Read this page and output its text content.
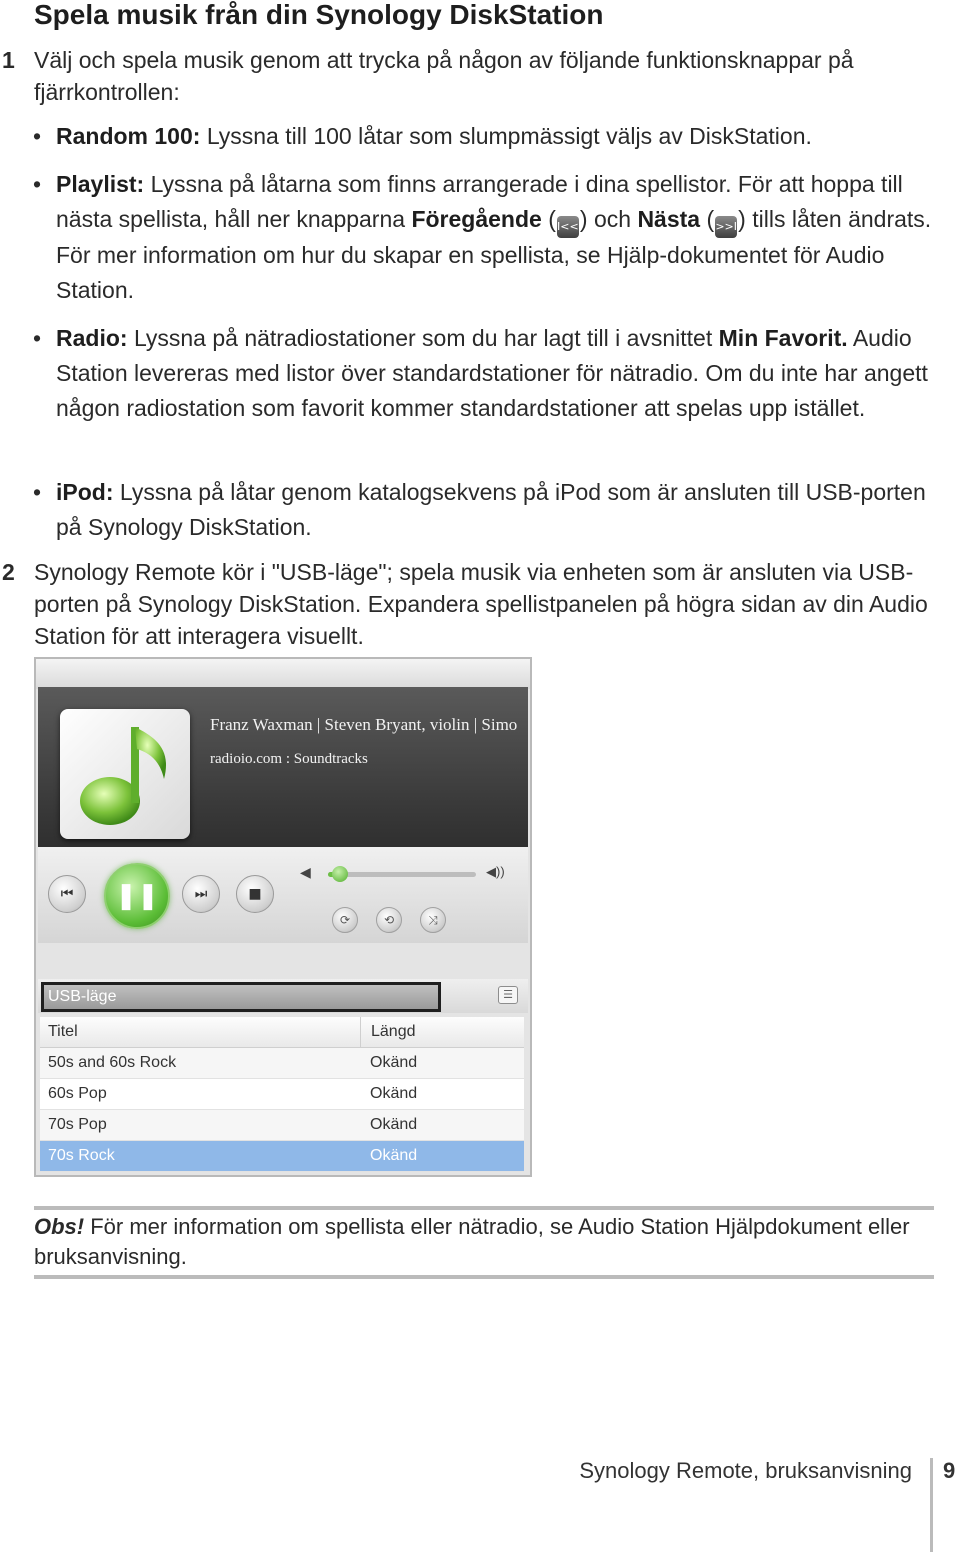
Spela musik från din Synology DiskStation
1 Välj och spela musik genom att trycka på någon av följande funktionsknappar på fjärrkontrollen:
• Random 100: Lyssna till 100 låtar som slumpmässigt väljs av DiskStation.
• Playlist: Lyssna på låtarna som finns arrangerade i dina spellistor. För att hoppa till nästa spellista, håll ner knapparna Föregående (I<<) och Nästa (>>I) tills låten ändrats. För mer information om hur du skapar en spellista, se Hjälp-dokumentet för Audio Station.
• Radio: Lyssna på nätradiostationer som du har lagt till i avsnittet Min Favorit. Audio Station levereras med listor över standardstationer för nätradio. Om du inte har angett någon radiostation som favorit kommer standardstationer att spelas upp istället.
• iPod: Lyssna på låtar genom katalogsekvens på iPod som är ansluten till USB-porten på Synology DiskStation.
2 Synology Remote kör i "USB-läge"; spela musik via enheten som är ansluten via USB-porten på Synology DiskStation. Expandera spellistpanelen på högra sidan av din Audio Station för att interagera visuellt.
Franz Waxman | Steven Bryant, violin | Simo
radioio.com : Soundtracks
⏮	❚❚	⏭	■
◀	◀))
⟳	⟲	⤨
USB-läge	☰
Titel	Längd
50s and 60s Rock	Okänd
60s Pop	Okänd
70s Pop	Okänd
70s Rock	Okänd
Obs! För mer information om spellista eller nätradio, se Audio Station Hjälpdokument eller bruksanvisning.
Synology Remote, bruksanvisning 9
